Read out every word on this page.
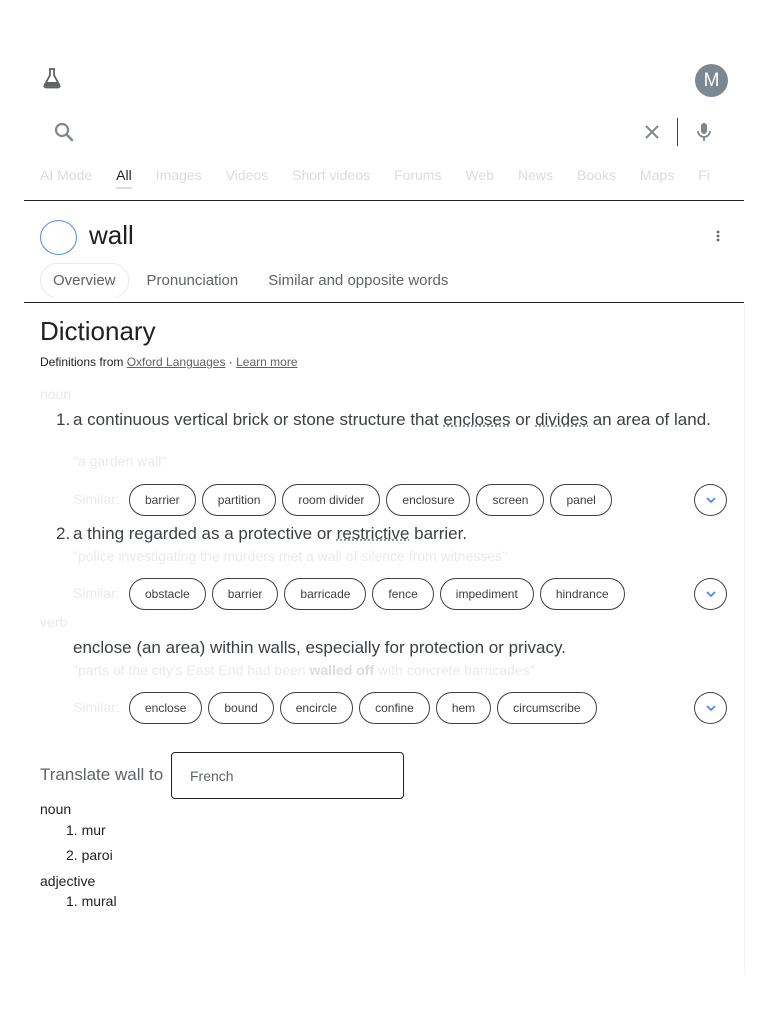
M
AI Mode All Images Videos Short videos Forums Web News Books Maps Fi
wall
Overview Pronunciation Similar and opposite words
Dictionary
Definitions from Oxford Languages · Learn more
noun
1. a continuous vertical brick or stone structure that encloses or divides an area of land.
"a garden wall"
Similar:	barrier	partition	room divider	enclosure	screen	panel
2. a thing regarded as a protective or restrictive barrier.
"police investigating the murders met a wall of silence from witnesses"
Similar:	obstacle	barrier	barricade	fence	impediment	hindrance
verb
enclose (an area) within walls, especially for protection or privacy.
"parts of the city's East End had been walled off with concrete barricades"
Similar:	enclose	bound	encircle	confine	hem	circumscribe
Translate wall to
French
noun
1. mur
2. paroi
adjective
1. mural
